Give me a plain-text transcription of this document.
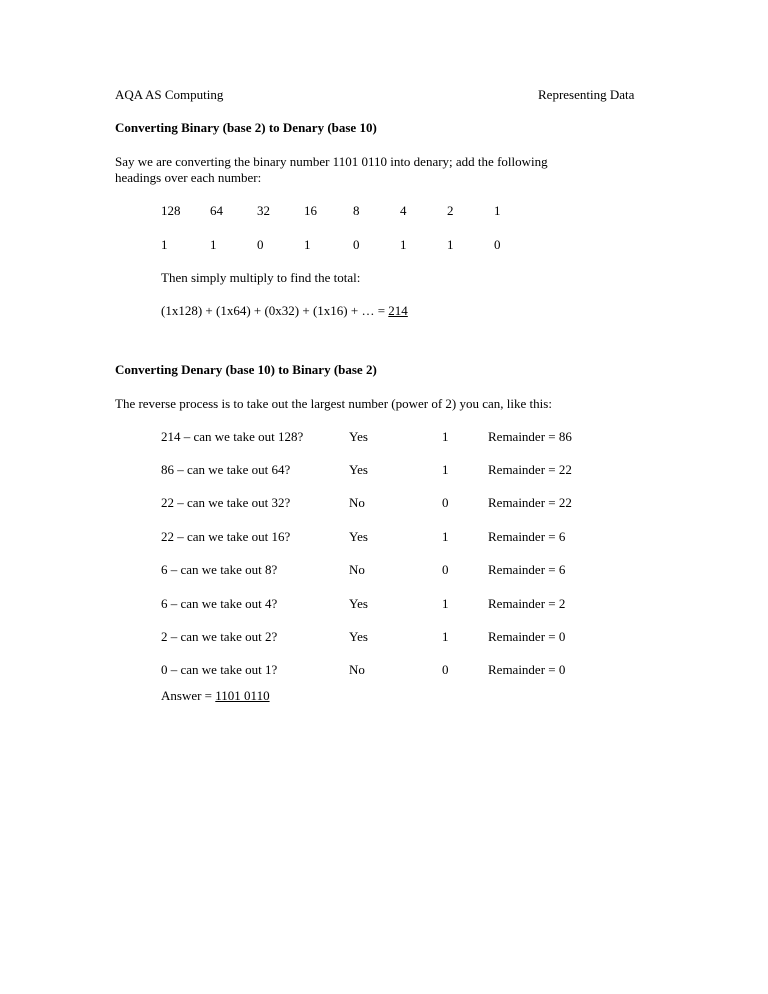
AQA AS Computing	Representing Data
Converting Binary (base 2) to Denary (base 10)
Say we are converting the binary number 1101 0110 into denary; add the following
headings over each number:
128 64	32	16	8	4	2	1
1	1	0	1	0	1	1	0
Then simply multiply to find the total:
(1x128) + (1x64) + (0x32) + (1x16) + … = 214
Converting Denary (base 10) to Binary (base 2)
The reverse process is to take out the largest number (power of 2) you can, like this:
214 – can we take out 128?	Yes	1	Remainder = 86
86 – can we take out 64?	Yes	1	Remainder = 22
22 – can we take out 32?	No	0	Remainder = 22
22 – can we take out 16?	Yes	1	Remainder = 6
6 – can we take out 8?	No	0	Remainder = 6
6 – can we take out 4?	Yes	1	Remainder = 2
2 – can we take out 2?	Yes	1	Remainder = 0
0 – can we take out 1?	No	0	Remainder = 0
Answer = 1101 0110
